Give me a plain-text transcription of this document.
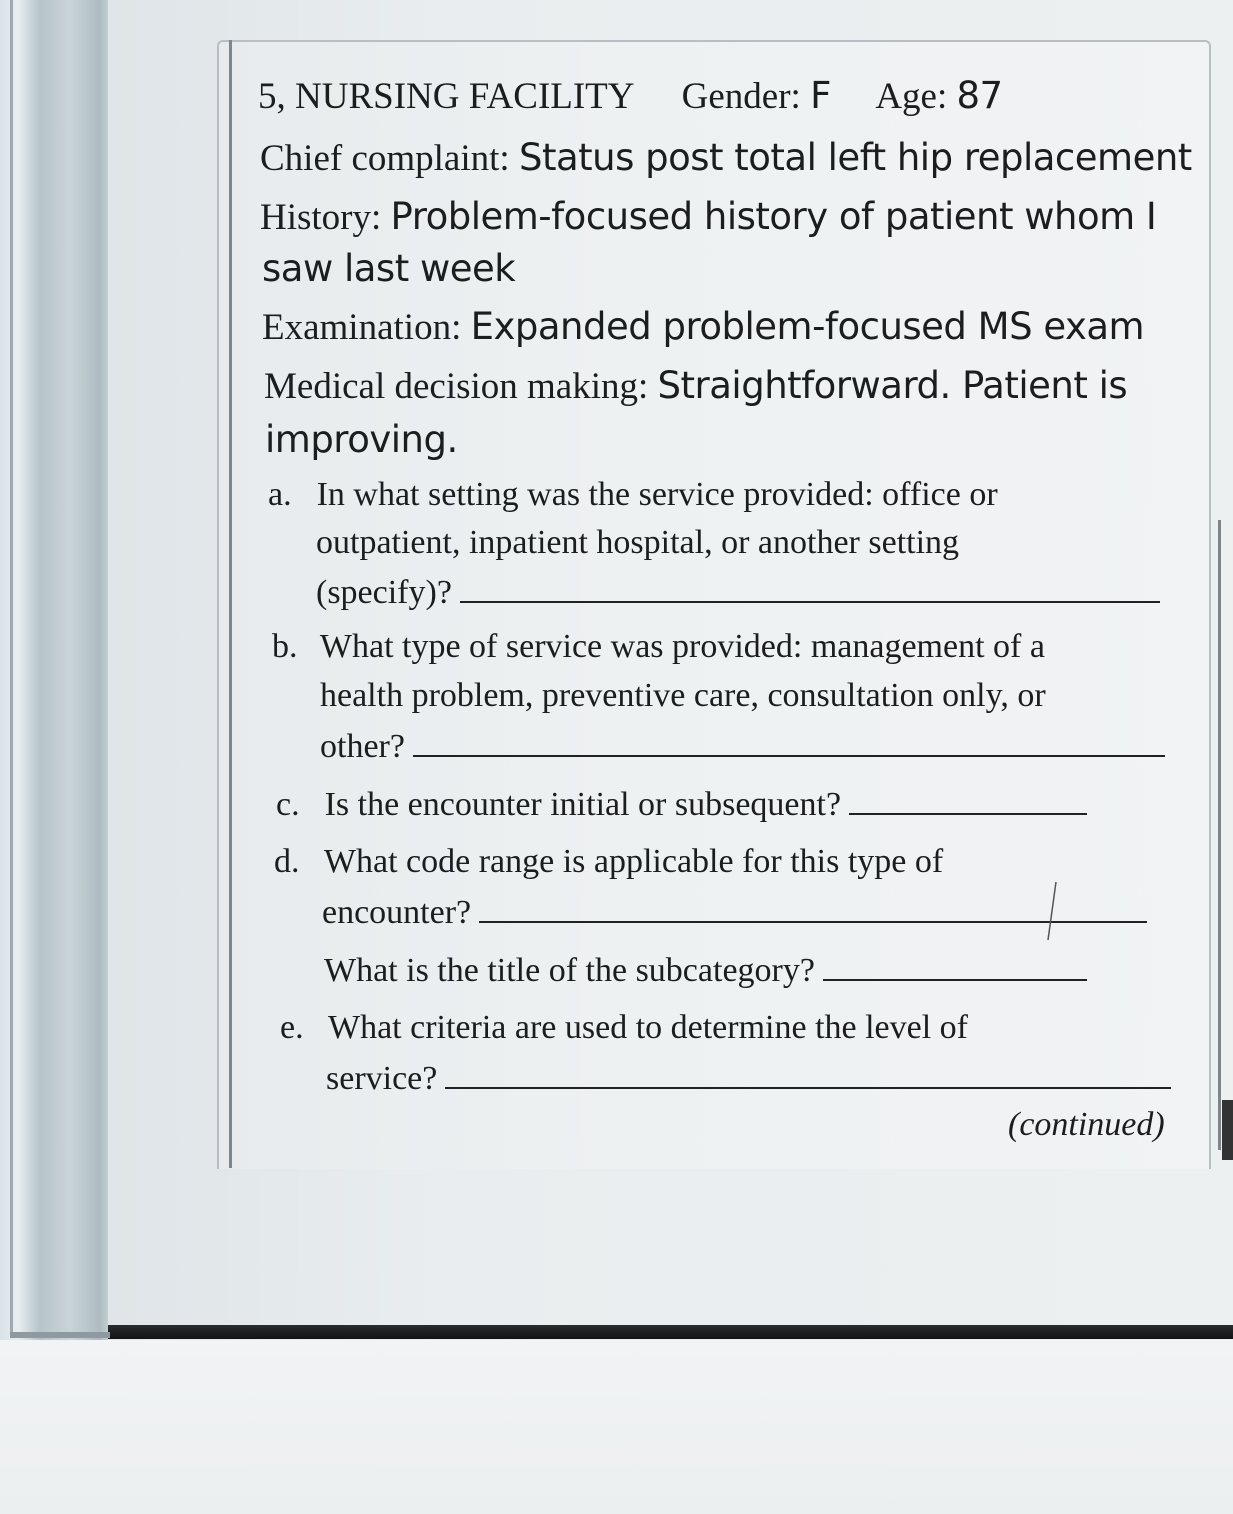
5, NURSING FACILITY Gender: F Age: 87
Chief complaint: Status post total left hip replacement
History: Problem-focused history of patient whom I
saw last week
Examination: Expanded problem-focused MS exam
Medical decision making: Straightforward. Patient is
improving.
a. In what setting was the service provided: office or
outpatient, inpatient hospital, or another setting
(specify)?
b. What type of service was provided: management of a
health problem, preventive care, consultation only, or
other?
c. Is the encounter initial or subsequent?
d. What code range is applicable for this type of
encounter?
What is the title of the subcategory?
e. What criteria are used to determine the level of
service?
(continued)
